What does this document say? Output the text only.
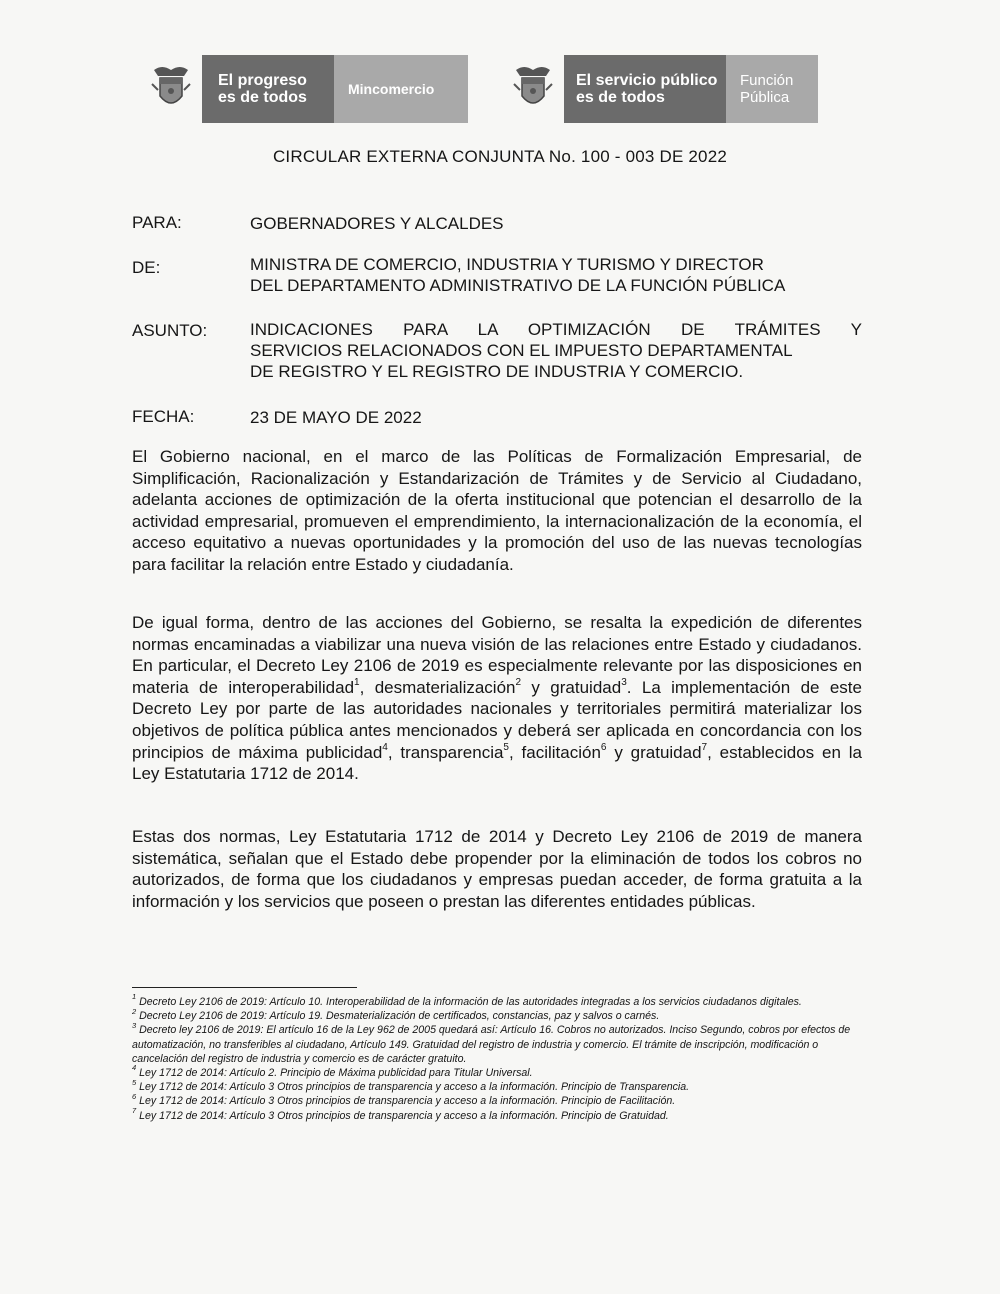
El progreso
es de todos	Mincomercio	El servicio público
es de todos
Función
Pública
CIRCULAR EXTERNA CONJUNTA No. 100 - 003 DE 2022
PARA:	GOBERNADORES Y ALCALDES
DE:	MINISTRA DE COMERCIO, INDUSTRIA Y TURISMO Y DIRECTOR
DEL DEPARTAMENTO ADMINISTRATIVO DE LA FUNCIÓN PÚBLICA
ASUNTO:	INDICACIONES PARA LA OPTIMIZACIÓN DE TRÁMITES Y
SERVICIOS RELACIONADOS CON EL IMPUESTO DEPARTAMENTAL
DE REGISTRO Y EL REGISTRO DE INDUSTRIA Y COMERCIO.
FECHA:	23 DE MAYO DE 2022
El Gobierno nacional, en el marco de las Políticas de Formalización Empresarial, de Simplificación, Racionalización y Estandarización de Trámites y de Servicio al Ciudadano, adelanta acciones de optimización de la oferta institucional que potencian el desarrollo de la actividad empresarial, promueven el emprendimiento, la internacionalización de la economía, el acceso equitativo a nuevas oportunidades y la promoción del uso de las nuevas tecnologías para facilitar la relación entre Estado y ciudadanía.
De igual forma, dentro de las acciones del Gobierno, se resalta la expedición de diferentes normas encaminadas a viabilizar una nueva visión de las relaciones entre Estado y ciudadanos. En particular, el Decreto Ley 2106 de 2019 es especialmente relevante por las disposiciones en materia de interoperabilidad$^1$, desmaterialización$^2$ y gratuidad$^3$. La implementación de este Decreto Ley por parte de las autoridades nacionales y territoriales permitirá materializar los objetivos de política pública antes mencionados y deberá ser aplicada en concordancia con los principios de máxima publicidad$^4$, transparencia$^5$, facilitación$^6$ y gratuidad$^7$, establecidos en la Ley Estatutaria 1712 de 2014.
Estas dos normas, Ley Estatutaria 1712 de 2014 y Decreto Ley 2106 de 2019 de manera sistemática, señalan que el Estado debe propender por la eliminación de todos los cobros no autorizados, de forma que los ciudadanos y empresas puedan acceder, de forma gratuita a la información y los servicios que poseen o prestan las diferentes entidades públicas.

$^1$ Decreto Ley 2106 de 2019: Artículo 10. Interoperabilidad de la información de las autoridades integradas a los servicios ciudadanos digitales.

$^2$ Decreto Ley 2106 de 2019: Artículo 19. Desmaterialización de certificados, constancias, paz y salvos o carnés.

$^3$ Decreto ley 2106 de 2019: El artículo 16 de la Ley 962 de 2005 quedará así: Artículo 16. Cobros no autorizados. Inciso Segundo, cobros por efectos de automatización, no transferibles al ciudadano, Artículo 149. Gratuidad del registro de industria y comercio. El trámite de inscripción, modificación o cancelación del registro de industria y comercio es de carácter gratuito.

$^4$ Ley 1712 de 2014: Artículo 2. Principio de Máxima publicidad para Titular Universal.

$^5$ Ley 1712 de 2014: Artículo 3 Otros principios de transparencia y acceso a la información. Principio de Transparencia.

$^6$ Ley 1712 de 2014: Artículo 3 Otros principios de transparencia y acceso a la información. Principio de Facilitación.

$^7$ Ley 1712 de 2014: Artículo 3 Otros principios de transparencia y acceso a la información. Principio de Gratuidad.
